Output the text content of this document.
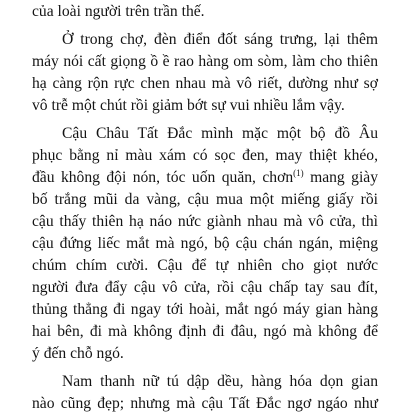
của loài người trên trần thế.
Ở trong chợ, đèn điển đốt sáng trưng, lại thêm
máy nói cất giọng ồ ề rao hàng om sòm, làm cho thiên
hạ càng rộn rực chen nhau mà vô riết, dường như sợ
vô trễ một chút rồi giảm bớt sự vui nhiều lắm vậy.
Cậu Châu Tất Đắc mình mặc một bộ đồ Âu
phục bằng nỉ màu xám có sọc đen, may thiệt khéo,
đầu không đội nón, tóc uốn quăn, chơn$^{(1)}$ mang giày
bố trắng mũi da vàng, cậu mua một miếng giấy rồi
cậu thấy thiên hạ náo nức giành nhau mà vô cửa, thì
cậu đứng liếc mắt mà ngó, bộ cậu chán ngán, miệng
chúm chím cười. Cậu để tự nhiên cho giọt nước
người đưa đẩy cậu vô cửa, rồi cậu chấp tay sau đít,
thủng thẳng đi ngay tới hoài, mắt ngó máy gian hàng
hai bên, đi mà không định đi đâu, ngó mà không để
ý đến chỗ ngó.
Nam thanh nữ tú dập dều, hàng hóa dọn gian
nào cũng đẹp; nhưng mà cậu Tất Đắc ngơ ngáo như
